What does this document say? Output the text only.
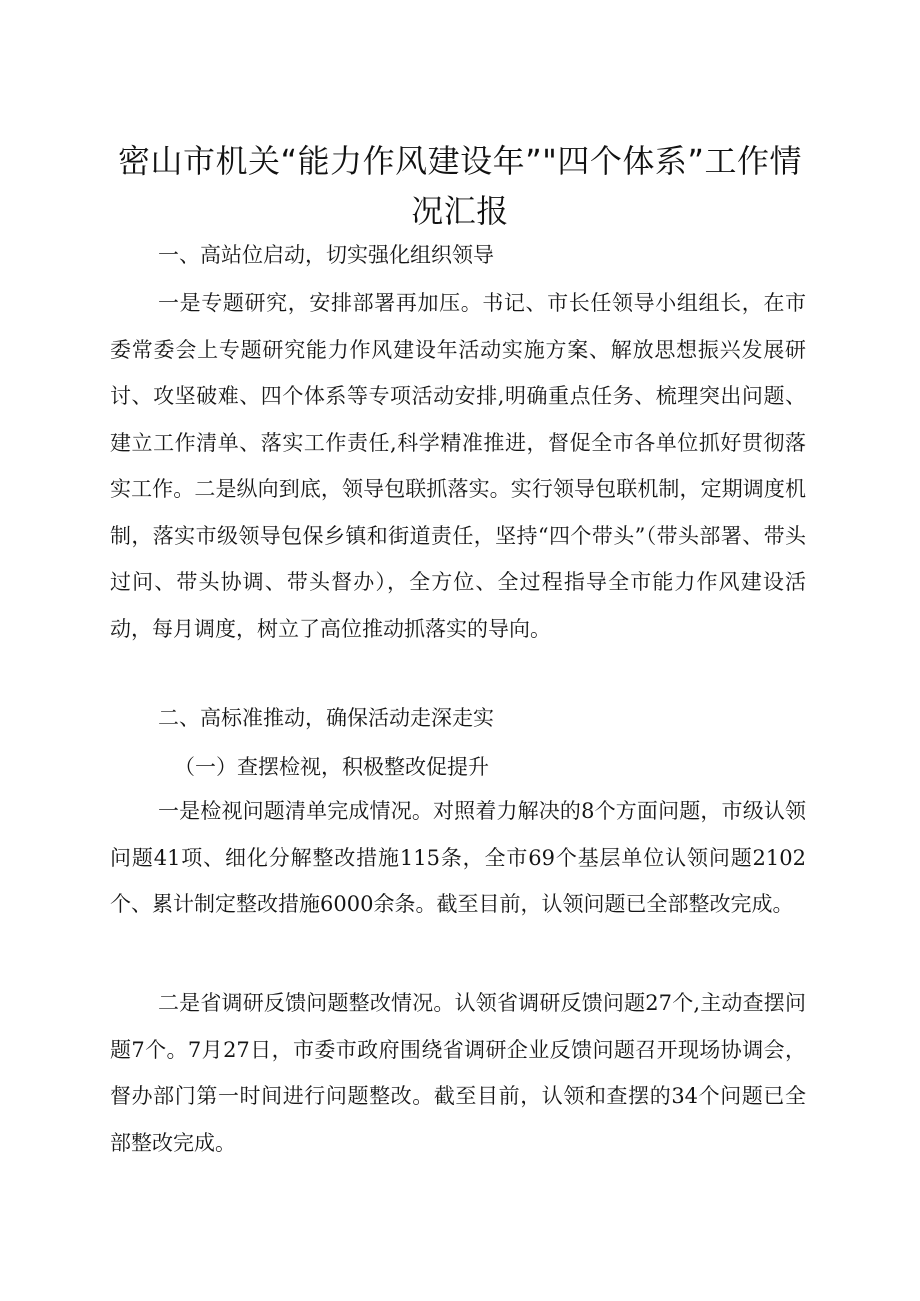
密山市机关“能力作风建设年”"四个体系”工作情况汇报

一、高站位启动，切实强化组织领导

一是专题研究，安排部署再加压。书记、市长任领导小组组长，在市委常委会上专题研究能力作风建设年活动实施方案、解放思想振兴发展研讨、攻坚破难、四个体系等专项活动安排,明确重点任务、梳理突出问题、建立工作清单、落实工作责任,科学精准推进，督促全市各单位抓好贯彻落实工作。二是纵向到底，领导包联抓落实。实行领导包联机制，定期调度机制，落实市级领导包保乡镇和街道责任，坚持“四个带头”（带头部署、带头过问、带头协调、带头督办），全方位、全过程指导全市能力作风建设活动，每月调度，树立了高位推动抓落实的导向。

二、高标准推动，确保活动走深走实

（一）查摆检视，积极整改促提升

一是检视问题清单完成情况。对照着力解决的8个方面问题，市级认领问题41项、细化分解整改措施115条，全市69个基层单位认领问题2102个、累计制定整改措施6000余条。截至目前，认领问题已全部整改完成。

二是省调研反馈问题整改情况。认领省调研反馈问题27个,主动查摆问题7个。7月27日，市委市政府围绕省调研企业反馈问题召开现场协调会，督办部门第一时间进行问题整改。截至目前，认领和查摆的34个问题已全部整改完成。
